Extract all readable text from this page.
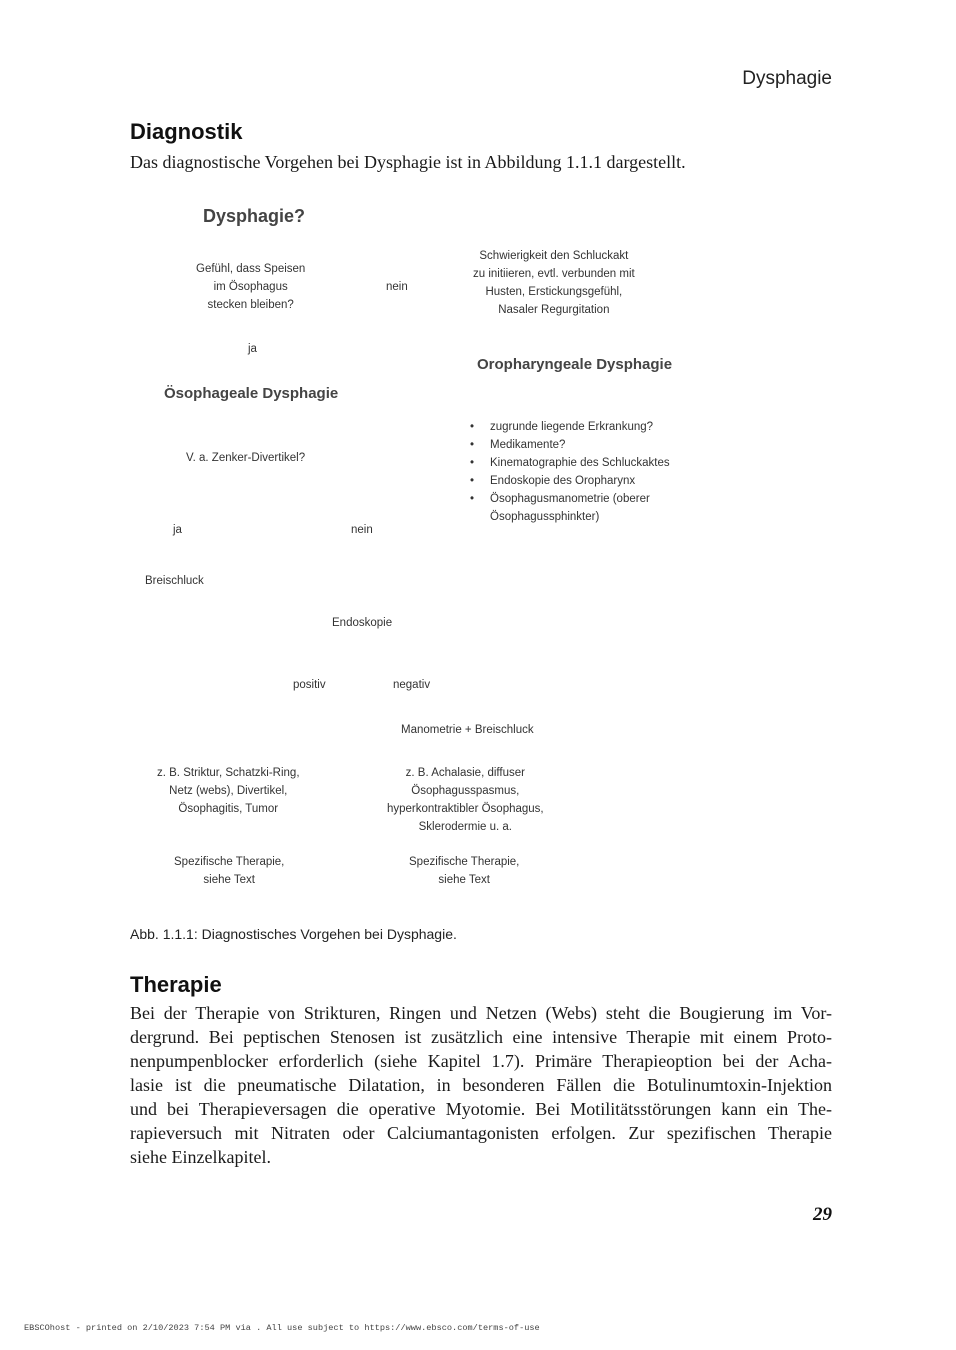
Dysphagie
Diagnostik
Das diagnostische Vorgehen bei Dysphagie ist in Abbildung 1.1.1 dargestellt.
Dysphagie?
Gefühl, dass Speisen
im Ösophagus
stecken bleiben?
nein
Schwierigkeit den Schluckakt
zu initiieren, evtl. verbunden mit
Husten, Erstickungsgefühl,
Nasaler Regurgitation
ja
Oropharyngeale Dysphagie
Ösophageale Dysphagie
• zugrunde liegende Erkrankung?
• Medikamente?
• Kinematographie des Schluckaktes
• Endoskopie des Oropharynx
• Ösophagusmanometrie (oberer Ösophagussphinkter)
V. a. Zenker-Divertikel?
ja	nein
Breischluck
Endoskopie
positiv	negativ
Manometrie + Breischluck
z. B. Striktur, Schatzki-Ring,
Netz (webs), Divertikel,
Ösophagitis, Tumor
z. B. Achalasie, diffuser
Ösophagusspasmus,
hyperkontraktibler Ösophagus,
Sklerodermie u. a.
Spezifische Therapie,
siehe Text
Spezifische Therapie,
siehe Text
Abb. 1.1.1: Diagnostisches Vorgehen bei Dysphagie.
Therapie
Bei der Therapie von Strikturen, Ringen und Netzen (Webs) steht die Bougierung im Vor-
dergrund. Bei peptischen Stenosen ist zusätzlich eine intensive Therapie mit einem Proto-
nenpumpenblocker erforderlich (siehe Kapitel 1.7). Primäre Therapieoption bei der Acha-
lasie ist die pneumatische Dilatation, in besonderen Fällen die Botulinumtoxin-Injektion
und bei Therapieversagen die operative Myotomie. Bei Motilitätsstörungen kann ein The-
rapieversuch mit Nitraten oder Calciumantagonisten erfolgen. Zur spezifischen Therapie
siehe Einzelkapitel.
29
EBSCOhost - printed on 2/10/2023 7:54 PM via . All use subject to https://www.ebsco.com/terms-of-use
